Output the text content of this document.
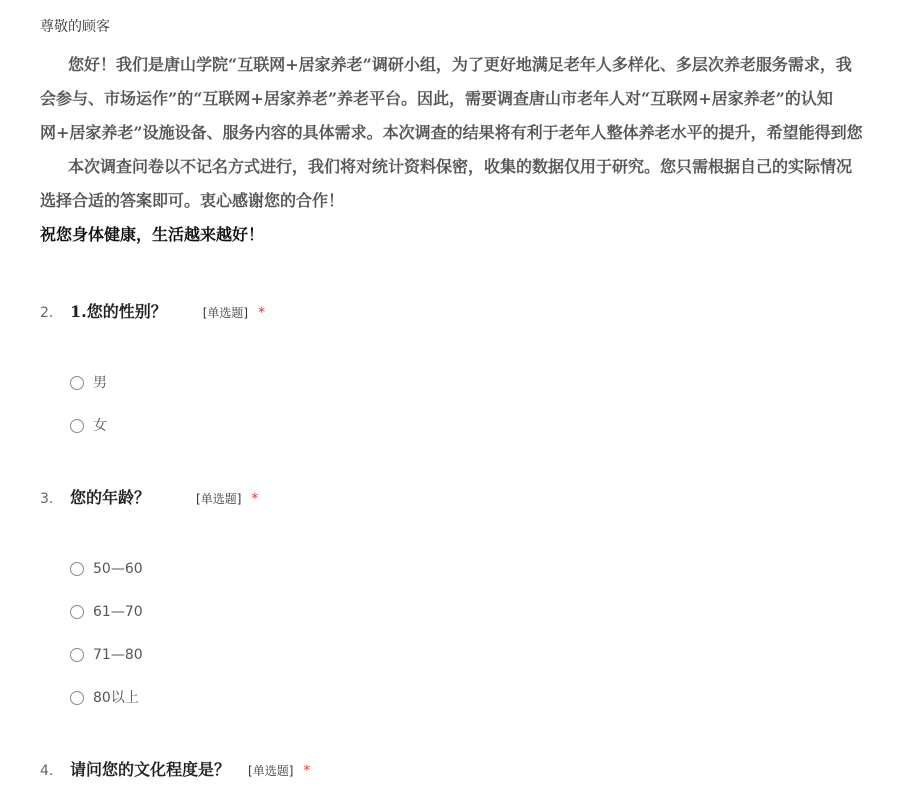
尊敬的顾客
您好！我们是唐山学院“互联网+居家养老”调研小组，为了更好地满足老年人多样化、多层次养老服务需求，我
会参与、市场运作”的“互联网+居家养老”养老平台。因此，需要调查唐山市老年人对“互联网+居家养老”的认知
网+居家养老”设施设备、服务内容的具体需求。本次调查的结果将有利于老年人整体养老水平的提升，希望能得到您
本次调查问卷以不记名方式进行，我们将对统计资料保密，收集的数据仅用于研究。您只需根据自己的实际情况
选择合适的答案即可。衷心感谢您的合作！
祝您身体健康，生活越来越好！
2. 1.您的性别？	[单选题] *
男
女
3. 您的年龄？	[单选题] *
50—60
61—70
71—80
80以上
4. 请问您的文化程度是？ [单选题] *
